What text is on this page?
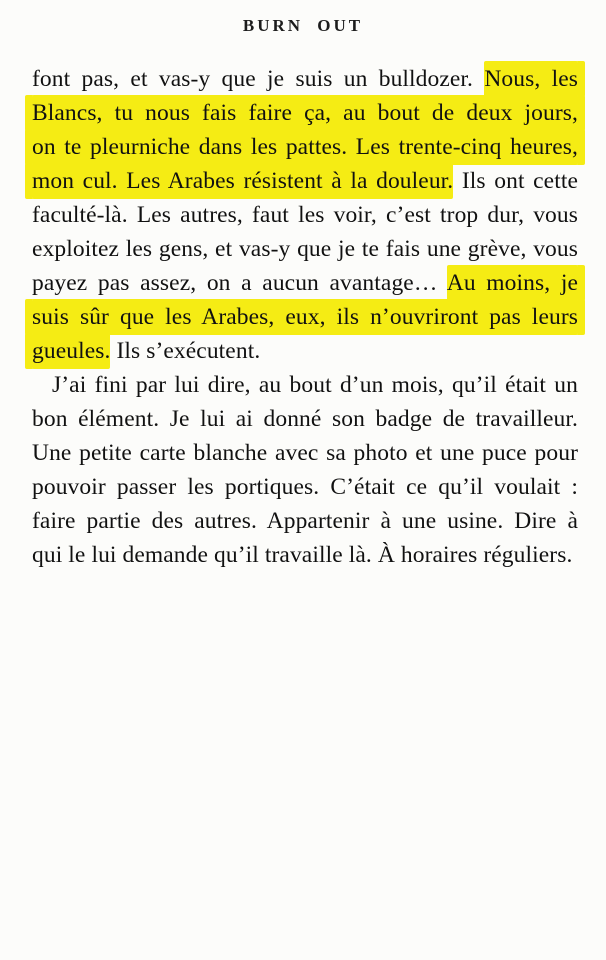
BURN OUT
font pas, et vas-y que je suis un bulldozer. Nous, les
Blancs, tu nous fais faire ça, au bout de deux jours,
on te pleurniche dans les pattes. Les trente-cinq heures,
mon cul. Les Arabes résistent à la douleur. Ils ont cette
faculté-là. Les autres, faut les voir, c’est trop dur, vous
exploitez les gens, et vas-y que je te fais une grève, vous
payez pas assez, on a aucun avantage… Au moins, je
suis sûr que les Arabes, eux, ils n’ouvriront pas leurs
gueules. Ils s’exécutent.
J’ai fini par lui dire, au bout d’un mois, qu’il était un
bon élément. Je lui ai donné son badge de travailleur.
Une petite carte blanche avec sa photo et une puce pour
pouvoir passer les portiques. C’était ce qu’il voulait :
faire partie des autres. Appartenir à une usine. Dire à
qui le lui demande qu’il travaille là. À horaires réguliers.
